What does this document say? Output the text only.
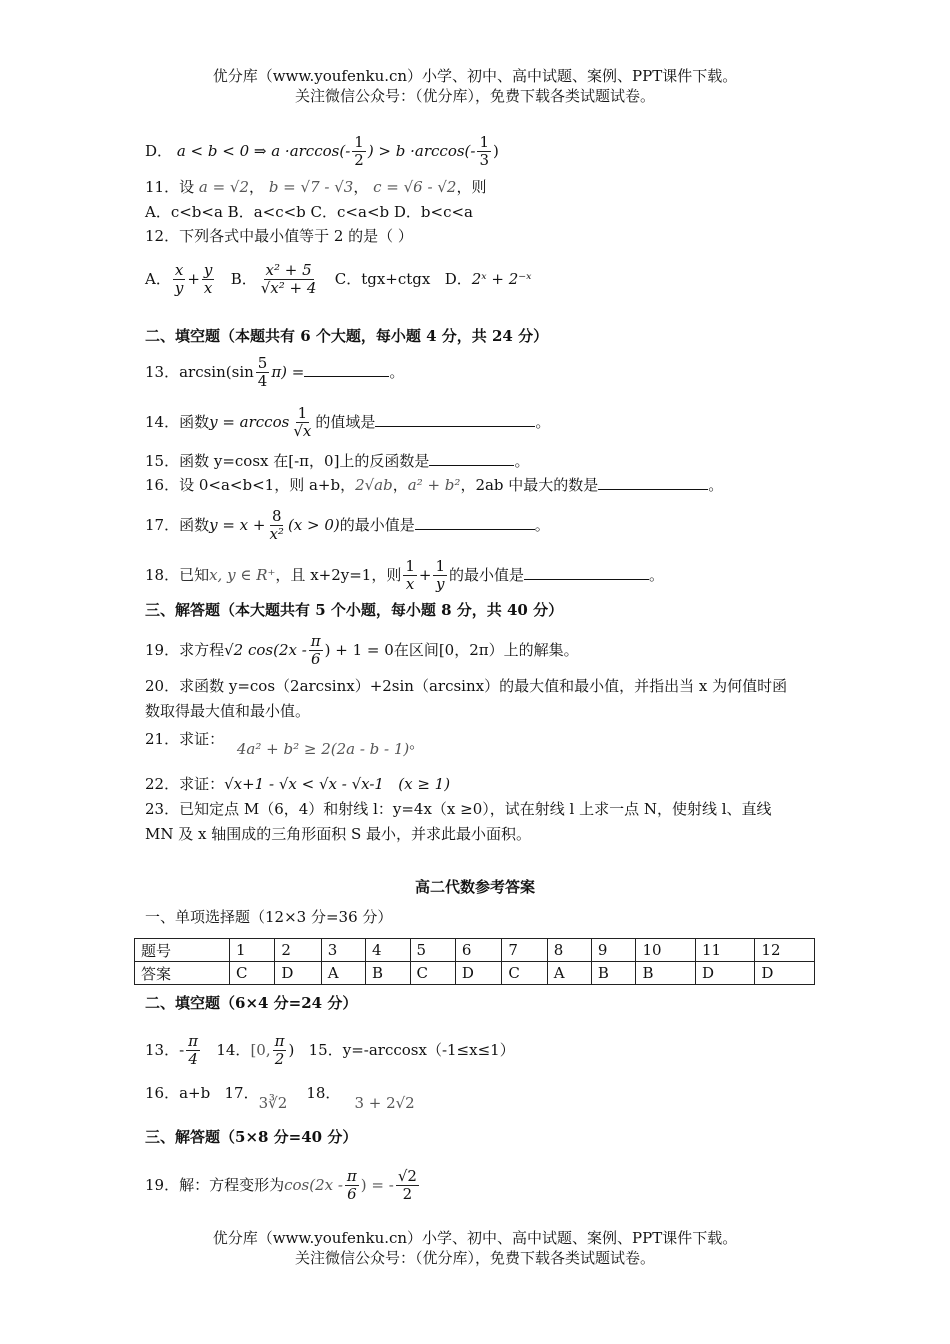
优分库（www.youfenku.cn）小学、初中、高中试题、案例、PPT课件下载。
关注微信公众号：（优分库），免费下载各类试题试卷。
D． a < b < 0 ⇒ $a \cdot\arccos(- \frac{1}{2}$ ) > $b \cdot\arccos(- \frac{1}{3}$ )
11．设 a = √2， b = √7 - √3， c = √6 - √2，则
A．c<b<a B．a<c<b C．c<a<b D．b<c<a
12．下列各式中最小值等于 2 的是（ ）
A． $\frac{x}{y} + \frac{y}{x}$ B． $\frac{\text{x² + 5}}{\text{√x² + 4}}$ C．tgx+ctgx D．2ˣ + 2⁻ˣ
二、填空题（本题共有 6 个大题，每小题 4 分，共 24 分）
13．$\arcsin(\sin \frac{5}{4} \pi)$ =	。
14．函数$y = \arccos \frac{1}{√x}$ 的值域是	。
15．函数 y=cosx 在[-π，0]上的反函数是	。
16．设 0<a<b<1，则 a+b，2√ab，a² + b²，2ab 中最大的数是	。
17．函数$y = x + \frac{8}{\text{x²}} (x > 0)$的最小值是	。
18．已知x, y ∈ R⁺，且 x+2y=1，则 $\frac{1}{x} + \frac{1}{y}$ 的最小值是	。
三、解答题（本大题共有 5 个小题，每小题 8 分，共 40 分）
19．求方程√2 $\cos(2x - \frac{\pi}{6}$ ) + 1 = 0在区间[0，2π）上的解集。
20．求函数 y=cos（2arcsinx）+2sin（arcsinx）的最大值和最小值，并指出当 x 为何值时函
数取得最大值和最小值。
21．求证： 4a² + b² ≥ 2(2a - b - 1)。
22．求证：√x+1 - √x < √x - √x-1 (x ≥ 1)
23．已知定点 M（6，4）和射线 l：y=4x（x ≥0），试在射线 l 上求一点 N，使射线 l、直线
MN 及 x 轴围成的三角形面积 S 最小，并求此最小面积。
高二代数参考答案
一、单项选择题（12×3 分=36 分）
题号	1	2	3	4	5	6	7	8	9	10	11	12
答案	C	D	A	B	C	D	C	A	B	B	D	D
二、填空题（6×4 分=24 分）
13．- $\frac{\pi}{4} 14$．[0, $\frac{\pi}{2}$ ) 15．y=-arccosx（-1≤x≤1）
16．a+b 17．3∛2    18．3 + 2√2
三、解答题（5×8 分=40 分）
19．解：方程变形为$\cos(2x - \frac{\pi}{6}$ ) = - $\frac{√2}{2}$
优分库（www.youfenku.cn）小学、初中、高中试题、案例、PPT课件下载。
关注微信公众号：（优分库），免费下载各类试题试卷。
